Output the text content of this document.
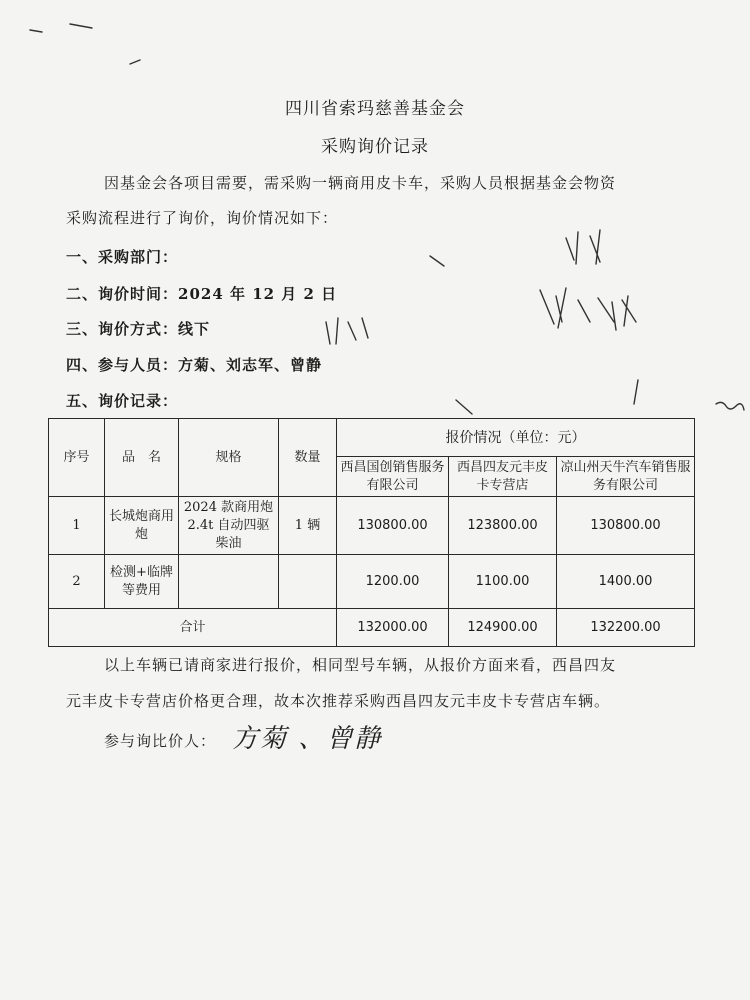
四川省索玛慈善基金会
采购询价记录
因基金会各项目需要，需采购一辆商用皮卡车，采购人员根据基金会物资
采购流程进行了询价，询价情况如下：
一、采购部门：
二、询价时间：2024 年 12 月 2 日
三、询价方式：线下
四、参与人员：方菊、刘志军、曾静
五、询价记录：
序号	品　名	规格	数量	报价情况（单位：元）		
				西昌国创销售服务有限公司	西昌四友元丰皮卡专营店	凉山州天牛汽车销售服务有限公司
1	长城炮商用炮	2024 款商用炮 2.4t 自动四驱柴油	1 辆	130800.00	123800.00	130800.00
2	检测+临牌等费用			1200.00	1100.00	1400.00
合计				132000.00	124900.00	132200.00
以上车辆已请商家进行报价，相同型号车辆，从报价方面来看，西昌四友
元丰皮卡专营店价格更合理，故本次推荐采购西昌四友元丰皮卡专营店车辆。
参与询比价人： 方菊 、曾静
